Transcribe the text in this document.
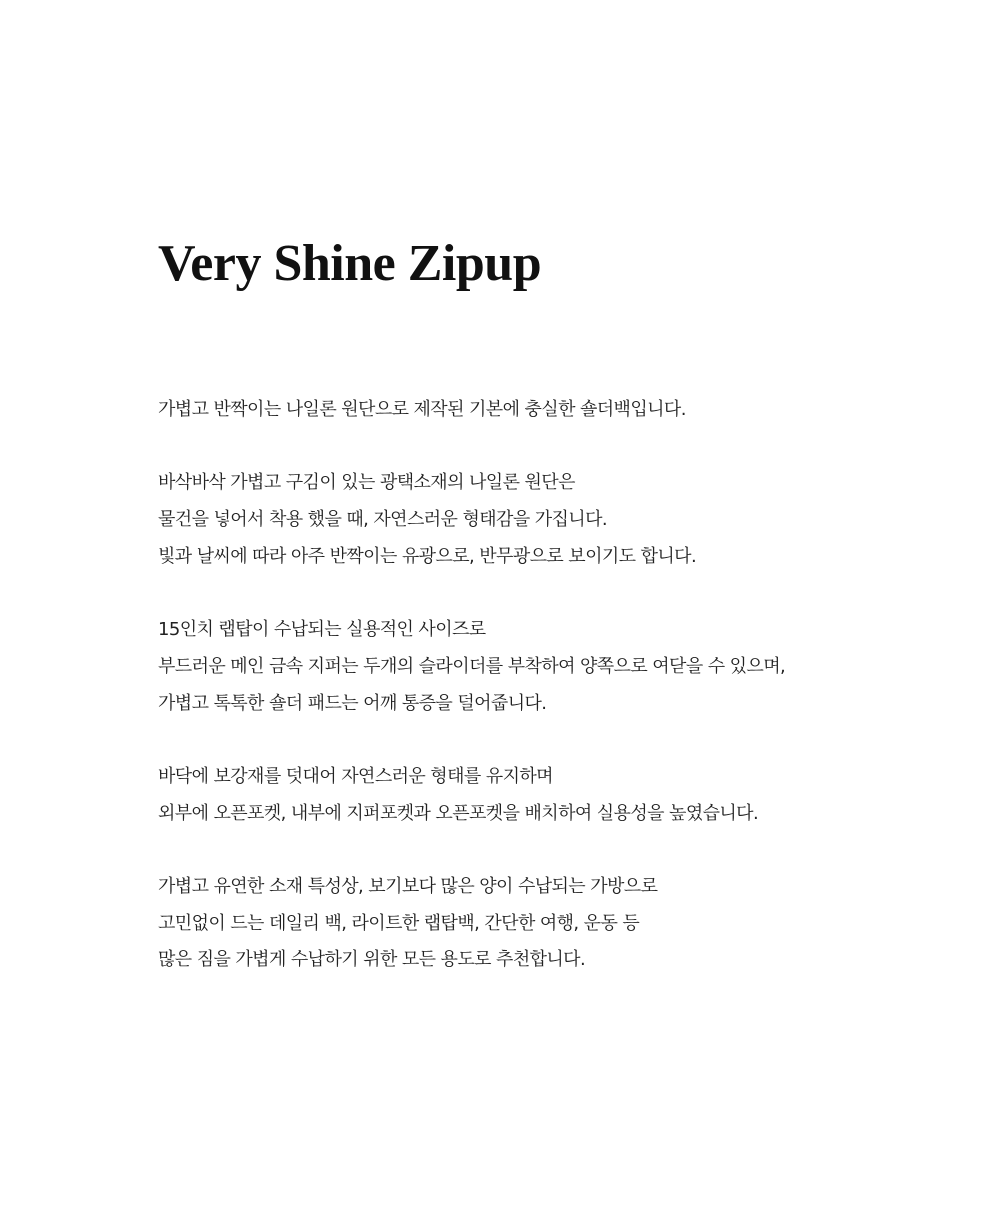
Very Shine Zipup

가볍고 반짝이는 나일론 원단으로 제작된 기본에 충실한 숄더백입니다.

바삭바삭 가볍고 구김이 있는 광택소재의 나일론 원단은
물건을 넣어서 착용 했을 때, 자연스러운 형태감을 가집니다.
빛과 날씨에 따라 아주 반짝이는 유광으로, 반무광으로 보이기도 합니다.

15인치 랩탑이 수납되는 실용적인 사이즈로
부드러운 메인 금속 지퍼는 두개의 슬라이더를 부착하여 양쪽으로 여닫을 수 있으며,
가볍고 톡톡한 숄더 패드는 어깨 통증을 덜어줍니다.

바닥에 보강재를 덧대어 자연스러운 형태를 유지하며
외부에 오픈포켓, 내부에 지퍼포켓과 오픈포켓을 배치하여 실용성을 높였습니다.

가볍고 유연한 소재 특성상, 보기보다 많은 양이 수납되는 가방으로
고민없이 드는 데일리 백, 라이트한 랩탑백, 간단한 여행, 운동 등
많은 짐을 가볍게 수납하기 위한 모든 용도로 추천합니다.
